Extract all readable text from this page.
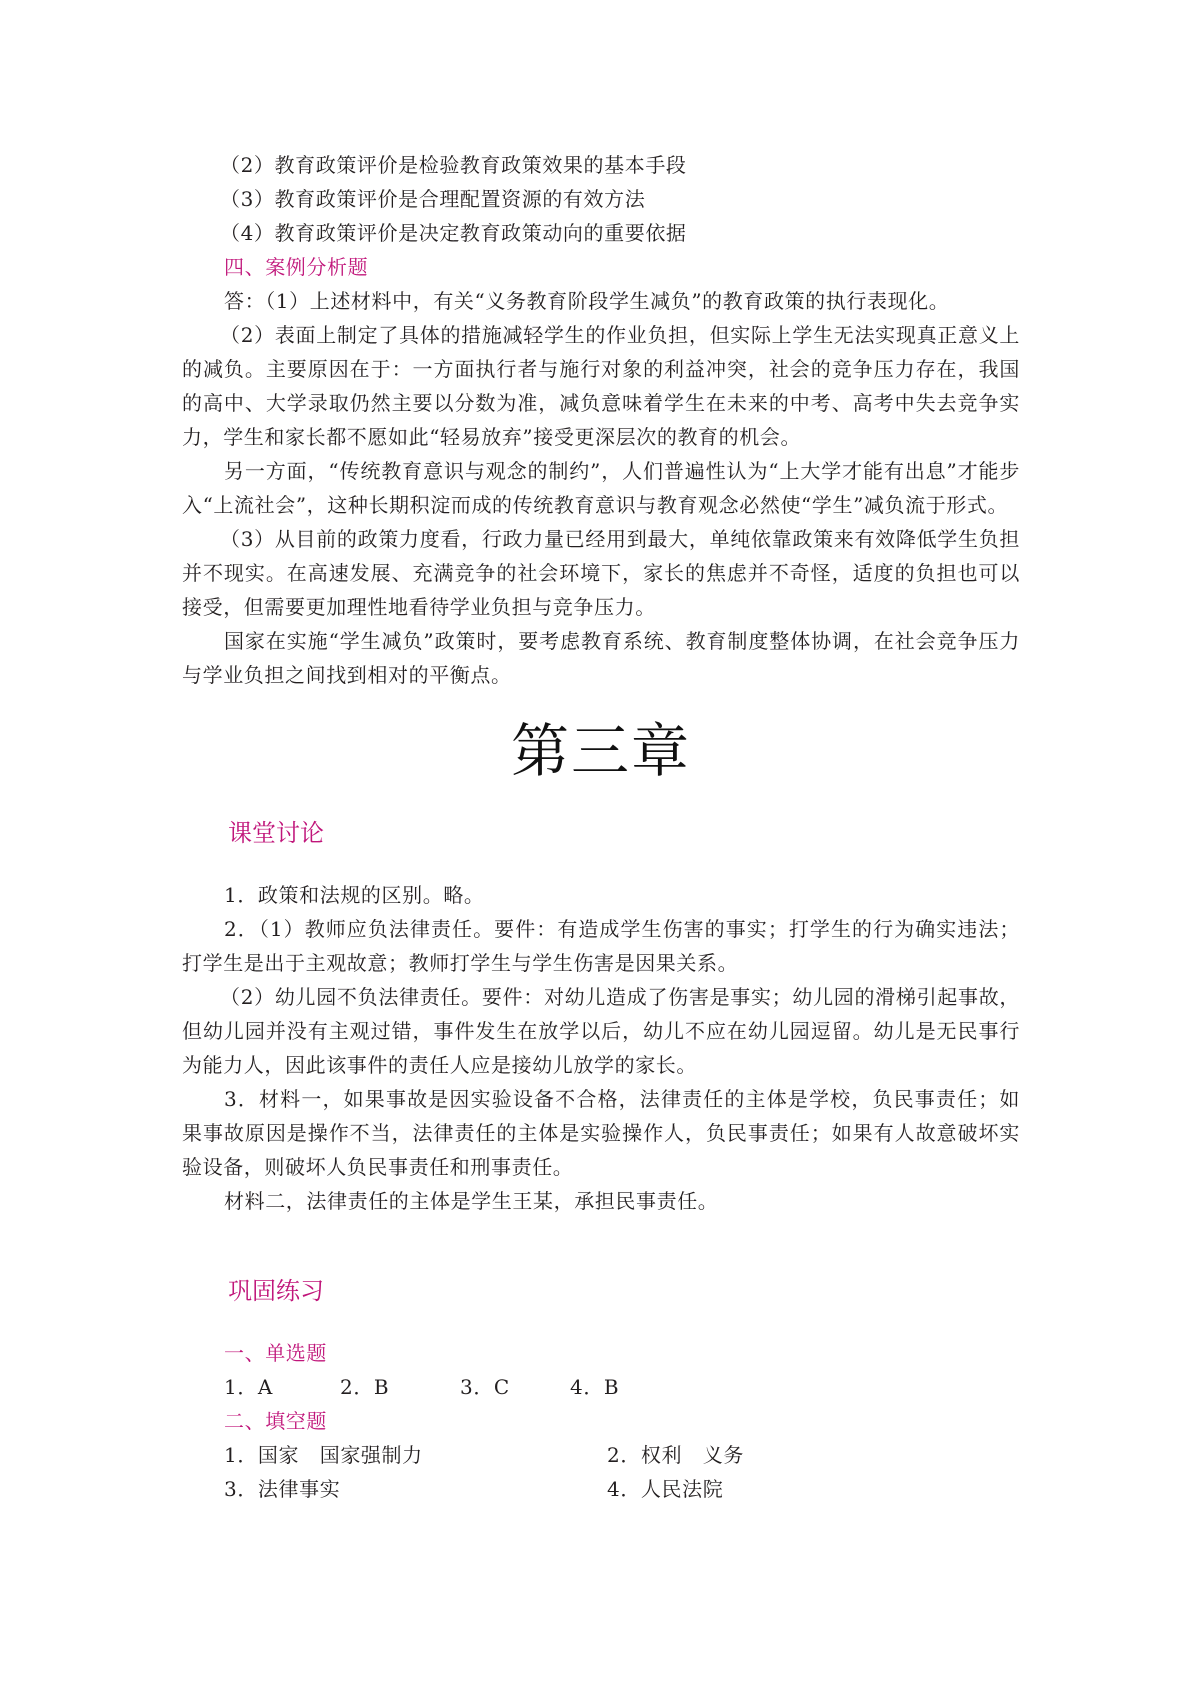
（2）教育政策评价是检验教育政策效果的基本手段

（3）教育政策评价是合理配置资源的有效方法

（4）教育政策评价是决定教育政策动向的重要依据

四、案例分析题

答：（1）上述材料中，有关“义务教育阶段学生减负”的教育政策的执行表现化。

（2）表面上制定了具体的措施减轻学生的作业负担，但实际上学生无法实现真正意义上的减负。主要原因在于：一方面执行者与施行对象的利益冲突，社会的竞争压力存在，我国的高中、大学录取仍然主要以分数为准，减负意味着学生在未来的中考、高考中失去竞争实力，学生和家长都不愿如此“轻易放弃”接受更深层次的教育的机会。

另一方面，“传统教育意识与观念的制约”，人们普遍性认为“上大学才能有出息”才能步入“上流社会”，这种长期积淀而成的传统教育意识与教育观念必然使“学生”减负流于形式。

（3）从目前的政策力度看，行政力量已经用到最大，单纯依靠政策来有效降低学生负担并不现实。在高速发展、充满竞争的社会环境下，家长的焦虑并不奇怪，适度的负担也可以接受，但需要更加理性地看待学业负担与竞争压力。

国家在实施“学生减负”政策时，要考虑教育系统、教育制度整体协调，在社会竞争压力与学业负担之间找到相对的平衡点。

第三章
课堂讨论

1．政策和法规的区别。略。

2．（1）教师应负法律责任。要件：有造成学生伤害的事实；打学生的行为确实违法；打学生是出于主观故意；教师打学生与学生伤害是因果关系。

（2）幼儿园不负法律责任。要件：对幼儿造成了伤害是事实；幼儿园的滑梯引起事故，但幼儿园并没有主观过错，事件发生在放学以后，幼儿不应在幼儿园逗留。幼儿是无民事行为能力人，因此该事件的责任人应是接幼儿放学的家长。

3．材料一，如果事故是因实验设备不合格，法律责任的主体是学校，负民事责任；如果事故原因是操作不当，法律责任的主体是实验操作人，负民事责任；如果有人故意破坏实验设备，则破坏人负民事责任和刑事责任。

材料二，法律责任的主体是学生王某，承担民事责任。

巩固练习
一、单选题
1．A	2．B	3．C	4．B
二、填空题
1．国家　国家强制力	2．权利　义务
3．法律事实	4．人民法院
